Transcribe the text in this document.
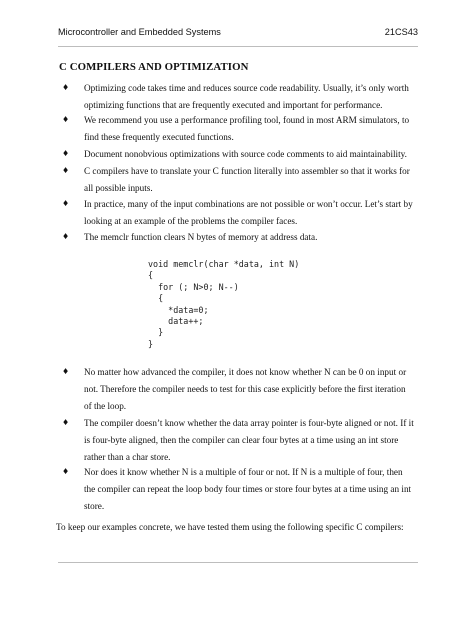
Microcontroller and Embedded Systems	21CS43
C COMPILERS AND OPTIMIZATION
♦ Optimizing code takes time and reduces source code readability. Usually, it’s only worth
optimizing functions that are frequently executed and important for performance.
♦ We recommend you use a performance profiling tool, found in most ARM simulators, to
find these frequently executed functions.
♦ Document nonobvious optimizations with source code comments to aid maintainability.
♦ C compilers have to translate your C function literally into assembler so that it works for
all possible inputs.
♦ In practice, many of the input combinations are not possible or won’t occur. Let’s start by
looking at an example of the problems the compiler faces.
♦ The memclr function clears N bytes of memory at address data.
void memclr(char *data, int N)
{
for (; N>0; N--)
{
*data=0;
data++;
}
}
♦ No matter how advanced the compiler, it does not know whether N can be 0 on input or
not. Therefore the compiler needs to test for this case explicitly before the first iteration
of the loop.
♦ The compiler doesn’t know whether the data array pointer is four-byte aligned or not. If it
is four-byte aligned, then the compiler can clear four bytes at a time using an int store
rather than a char store.
♦ Nor does it know whether N is a multiple of four or not. If N is a multiple of four, then
the compiler can repeat the loop body four times or store four bytes at a time using an int
store.
To keep our examples concrete, we have tested them using the following specific C compilers:
